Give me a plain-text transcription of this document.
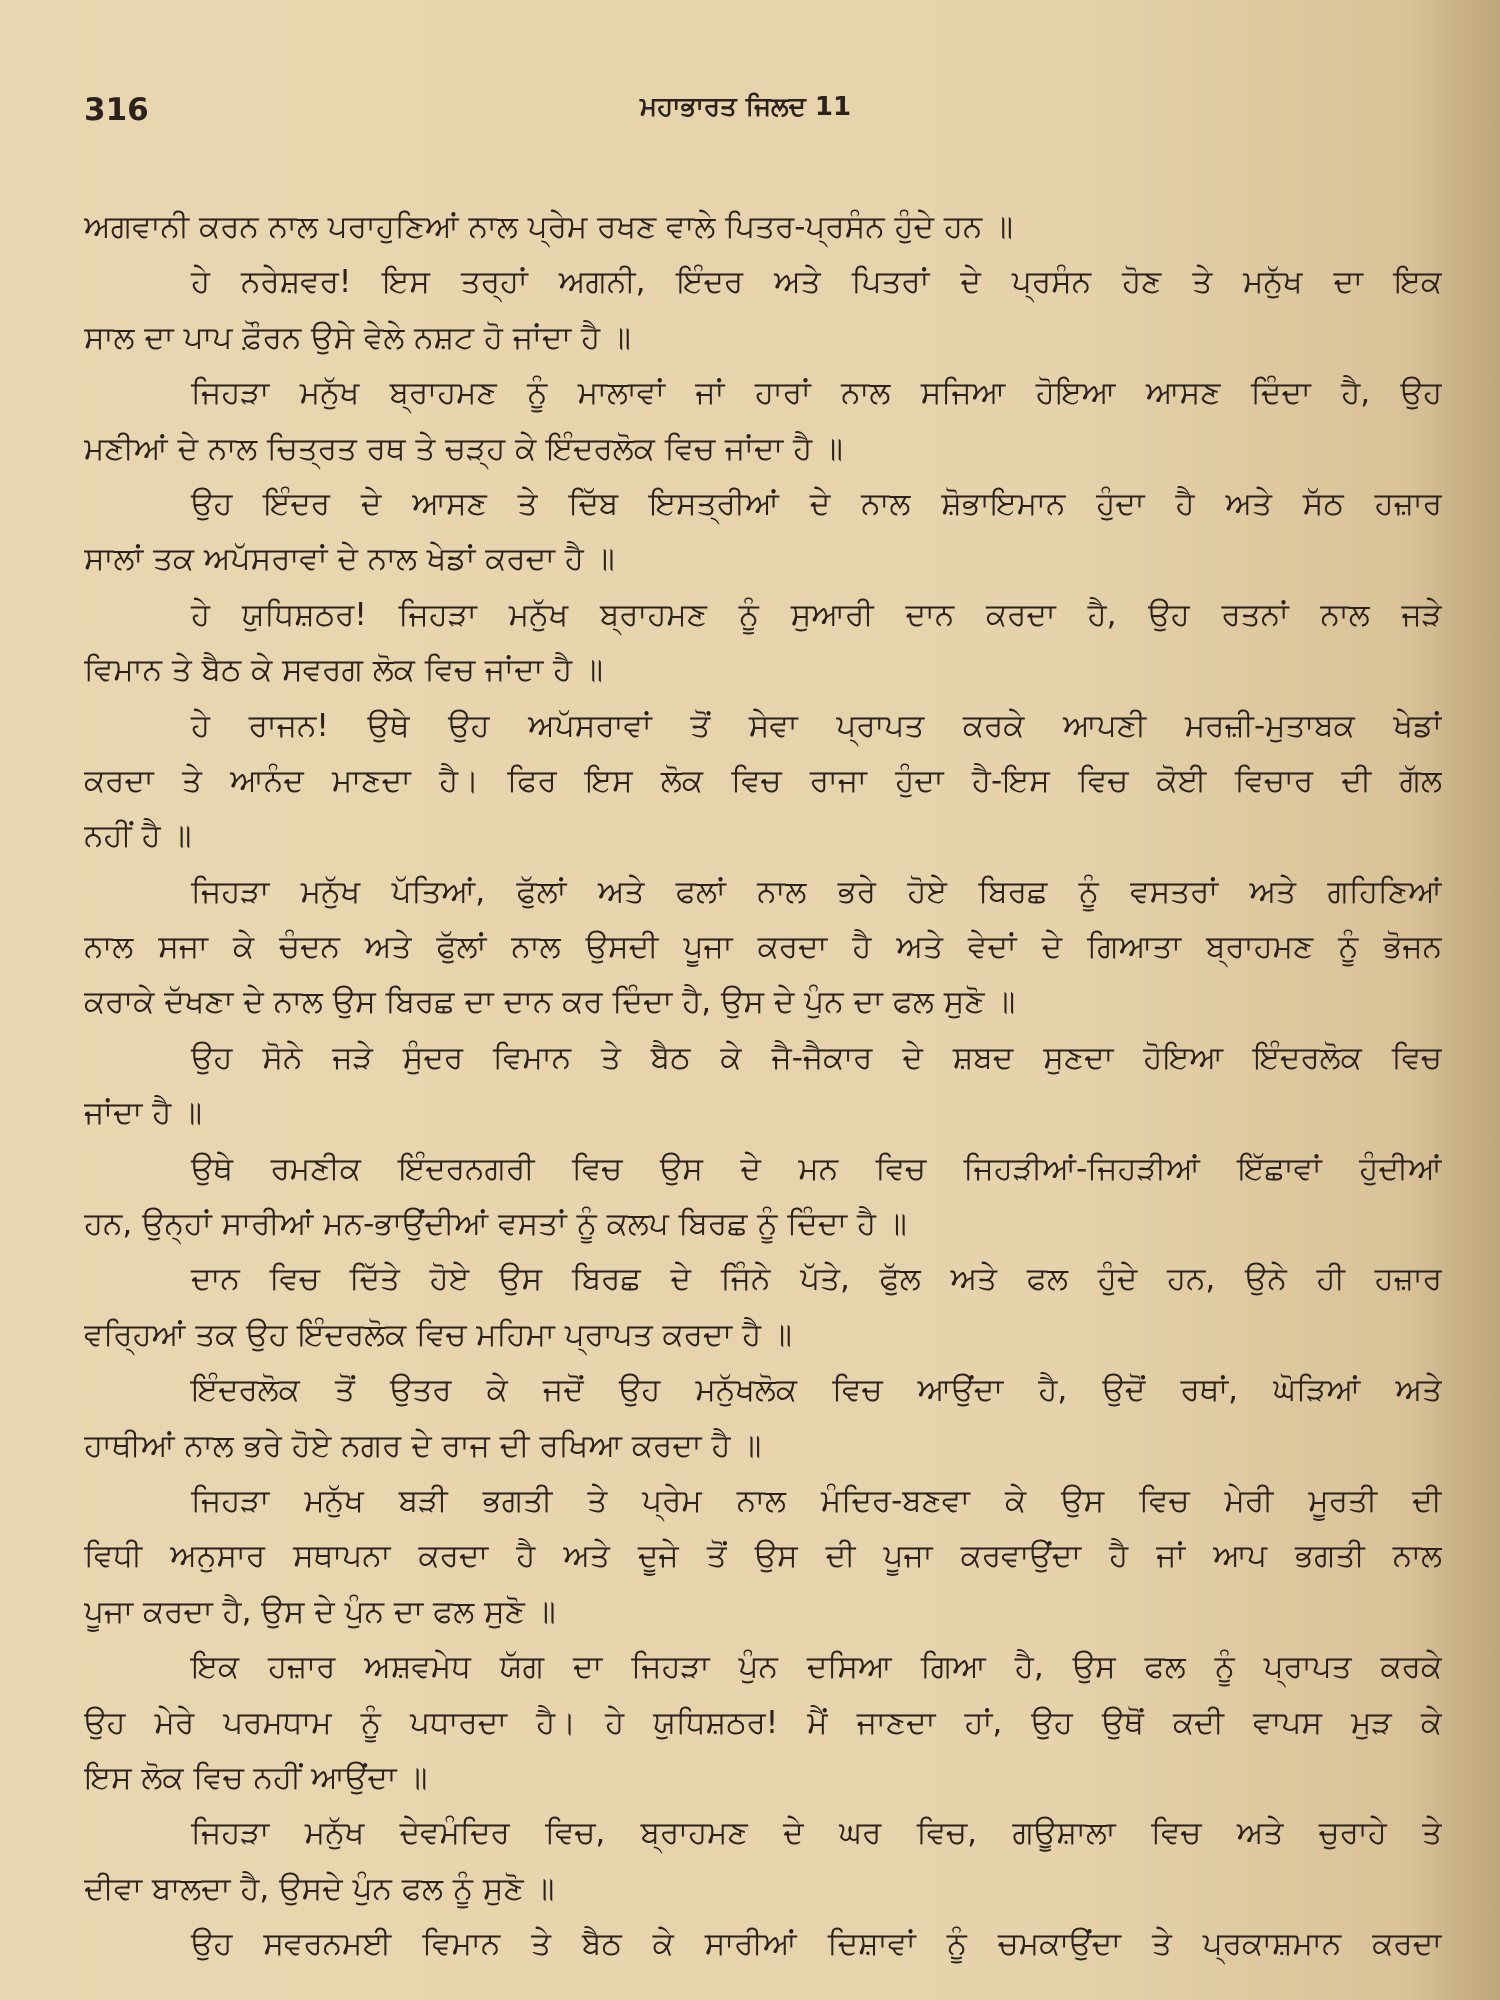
316	ਮਹਾਭਾਰਤ ਜਿਲਦ 11
ਅਗਵਾਨੀ ਕਰਨ ਨਾਲ ਪਰਾਹੁਣਿਆਂ ਨਾਲ ਪ੍ਰੇਮ ਰਖਣ ਵਾਲੇ ਪਿਤਰ-ਪ੍ਰਸੰਨ ਹੁੰਦੇ ਹਨ ॥
ਹੇ ਨਰੇਸ਼ਵਰ! ਇਸ ਤਰ੍ਹਾਂ ਅਗਨੀ, ਇੰਦਰ ਅਤੇ ਪਿਤਰਾਂ ਦੇ ਪ੍ਰਸੰਨ ਹੋਣ ਤੇ ਮਨੁੱਖ ਦਾ ਇਕ
ਸਾਲ ਦਾ ਪਾਪ ਫ਼ੌਰਨ ਉਸੇ ਵੇਲੇ ਨਸ਼ਟ ਹੋ ਜਾਂਦਾ ਹੈ ॥
ਜਿਹੜਾ ਮਨੁੱਖ ਬ੍ਰਾਹਮਣ ਨੂੰ ਮਾਲਾਵਾਂ ਜਾਂ ਹਾਰਾਂ ਨਾਲ ਸਜਿਆ ਹੋਇਆ ਆਸਣ ਦਿੰਦਾ ਹੈ, ਉਹ
ਮਣੀਆਂ ਦੇ ਨਾਲ ਚਿਤ੍ਰਤ ਰਥ ਤੇ ਚੜ੍ਹ ਕੇ ਇੰਦਰਲੋਕ ਵਿਚ ਜਾਂਦਾ ਹੈ ॥
ਉਹ ਇੰਦਰ ਦੇ ਆਸਣ ਤੇ ਦਿੱਬ ਇਸਤ੍ਰੀਆਂ ਦੇ ਨਾਲ ਸ਼ੋਭਾਇਮਾਨ ਹੁੰਦਾ ਹੈ ਅਤੇ ਸੱਠ ਹਜ਼ਾਰ
ਸਾਲਾਂ ਤਕ ਅਪੱਸਰਾਵਾਂ ਦੇ ਨਾਲ ਖੇਡਾਂ ਕਰਦਾ ਹੈ ॥
ਹੇ ਯੁਧਿਸ਼ਠਰ! ਜਿਹੜਾ ਮਨੁੱਖ ਬ੍ਰਾਹਮਣ ਨੂੰ ਸੁਆਰੀ ਦਾਨ ਕਰਦਾ ਹੈ, ਉਹ ਰਤਨਾਂ ਨਾਲ ਜੜੇ
ਵਿਮਾਨ ਤੇ ਬੈਠ ਕੇ ਸਵਰਗ ਲੋਕ ਵਿਚ ਜਾਂਦਾ ਹੈ ॥
ਹੇ ਰਾਜਨ! ਉਥੇ ਉਹ ਅਪੱਸਰਾਵਾਂ ਤੋਂ ਸੇਵਾ ਪ੍ਰਾਪਤ ਕਰਕੇ ਆਪਣੀ ਮਰਜ਼ੀ-ਮੁਤਾਬਕ ਖੇਡਾਂ
ਕਰਦਾ ਤੇ ਆਨੰਦ ਮਾਣਦਾ ਹੈ। ਫਿਰ ਇਸ ਲੋਕ ਵਿਚ ਰਾਜਾ ਹੁੰਦਾ ਹੈ-ਇਸ ਵਿਚ ਕੋਈ ਵਿਚਾਰ ਦੀ ਗੱਲ
ਨਹੀਂ ਹੈ ॥
ਜਿਹੜਾ ਮਨੁੱਖ ਪੱਤਿਆਂ, ਫੁੱਲਾਂ ਅਤੇ ਫਲਾਂ ਨਾਲ ਭਰੇ ਹੋਏ ਬਿਰਛ ਨੂੰ ਵਸਤਰਾਂ ਅਤੇ ਗਹਿਣਿਆਂ
ਨਾਲ ਸਜਾ ਕੇ ਚੰਦਨ ਅਤੇ ਫੁੱਲਾਂ ਨਾਲ ਉਸਦੀ ਪੂਜਾ ਕਰਦਾ ਹੈ ਅਤੇ ਵੇਦਾਂ ਦੇ ਗਿਆਤਾ ਬ੍ਰਾਹਮਣ ਨੂੰ ਭੋਜਨ
ਕਰਾਕੇ ਦੱਖਣਾ ਦੇ ਨਾਲ ਉਸ ਬਿਰਛ ਦਾ ਦਾਨ ਕਰ ਦਿੰਦਾ ਹੈ, ਉਸ ਦੇ ਪੁੰਨ ਦਾ ਫਲ ਸੁਣੋ ॥
ਉਹ ਸੋਨੇ ਜੜੇ ਸੁੰਦਰ ਵਿਮਾਨ ਤੇ ਬੈਠ ਕੇ ਜੈ-ਜੈਕਾਰ ਦੇ ਸ਼ਬਦ ਸੁਣਦਾ ਹੋਇਆ ਇੰਦਰਲੋਕ ਵਿਚ
ਜਾਂਦਾ ਹੈ ॥
ਉਥੇ ਰਮਣੀਕ ਇੰਦਰਨਗਰੀ ਵਿਚ ਉਸ ਦੇ ਮਨ ਵਿਚ ਜਿਹੜੀਆਂ-ਜਿਹੜੀਆਂ ਇੱਛਾਵਾਂ ਹੁੰਦੀਆਂ
ਹਨ, ਉਨ੍ਹਾਂ ਸਾਰੀਆਂ ਮਨ-ਭਾਉਂਦੀਆਂ ਵਸਤਾਂ ਨੂੰ ਕਲਪ ਬਿਰਛ ਨੂੰ ਦਿੰਦਾ ਹੈ ॥
ਦਾਨ ਵਿਚ ਦਿੱਤੇ ਹੋਏ ਉਸ ਬਿਰਛ ਦੇ ਜਿੰਨੇ ਪੱਤੇ, ਫੁੱਲ ਅਤੇ ਫਲ ਹੁੰਦੇ ਹਨ, ਉਨੇ ਹੀ ਹਜ਼ਾਰ
ਵਰ੍ਹਿਆਂ ਤਕ ਉਹ ਇੰਦਰਲੋਕ ਵਿਚ ਮਹਿਮਾ ਪ੍ਰਾਪਤ ਕਰਦਾ ਹੈ ॥
ਇੰਦਰਲੋਕ ਤੋਂ ਉਤਰ ਕੇ ਜਦੋਂ ਉਹ ਮਨੁੱਖਲੋਕ ਵਿਚ ਆਉਂਦਾ ਹੈ, ਉਦੋਂ ਰਥਾਂ, ਘੋੜਿਆਂ ਅਤੇ
ਹਾਥੀਆਂ ਨਾਲ ਭਰੇ ਹੋਏ ਨਗਰ ਦੇ ਰਾਜ ਦੀ ਰਖਿਆ ਕਰਦਾ ਹੈ ॥
ਜਿਹੜਾ ਮਨੁੱਖ ਬੜੀ ਭਗਤੀ ਤੇ ਪ੍ਰੇਮ ਨਾਲ ਮੰਦਿਰ-ਬਣਵਾ ਕੇ ਉਸ ਵਿਚ ਮੇਰੀ ਮੂਰਤੀ ਦੀ
ਵਿਧੀ ਅਨੁਸਾਰ ਸਥਾਪਨਾ ਕਰਦਾ ਹੈ ਅਤੇ ਦੂਜੇ ਤੋਂ ਉਸ ਦੀ ਪੂਜਾ ਕਰਵਾਉਂਦਾ ਹੈ ਜਾਂ ਆਪ ਭਗਤੀ ਨਾਲ
ਪੂਜਾ ਕਰਦਾ ਹੈ, ਉਸ ਦੇ ਪੁੰਨ ਦਾ ਫਲ ਸੁਣੋ ॥
ਇਕ ਹਜ਼ਾਰ ਅਸ਼ਵਮੇਧ ਯੱਗ ਦਾ ਜਿਹੜਾ ਪੁੰਨ ਦਸਿਆ ਗਿਆ ਹੈ, ਉਸ ਫਲ ਨੂੰ ਪ੍ਰਾਪਤ ਕਰਕੇ
ਉਹ ਮੇਰੇ ਪਰਮਧਾਮ ਨੂੰ ਪਧਾਰਦਾ ਹੈ। ਹੇ ਯੁਧਿਸ਼ਠਰ! ਮੈਂ ਜਾਣਦਾ ਹਾਂ, ਉਹ ਉਥੋਂ ਕਦੀ ਵਾਪਸ ਮੁੜ ਕੇ
ਇਸ ਲੋਕ ਵਿਚ ਨਹੀਂ ਆਉਂਦਾ ॥
ਜਿਹੜਾ ਮਨੁੱਖ ਦੇਵਮੰਦਿਰ ਵਿਚ, ਬ੍ਰਾਹਮਣ ਦੇ ਘਰ ਵਿਚ, ਗਊਸ਼ਾਲਾ ਵਿਚ ਅਤੇ ਚੁਰਾਹੇ ਤੇ
ਦੀਵਾ ਬਾਲਦਾ ਹੈ, ਉਸਦੇ ਪੁੰਨ ਫਲ ਨੂੰ ਸੁਣੋ ॥
ਉਹ ਸਵਰਨਮਈ ਵਿਮਾਨ ਤੇ ਬੈਠ ਕੇ ਸਾਰੀਆਂ ਦਿਸ਼ਾਵਾਂ ਨੂੰ ਚਮਕਾਉਂਦਾ ਤੇ ਪ੍ਰਕਾਸ਼ਮਾਨ ਕਰਦਾ
